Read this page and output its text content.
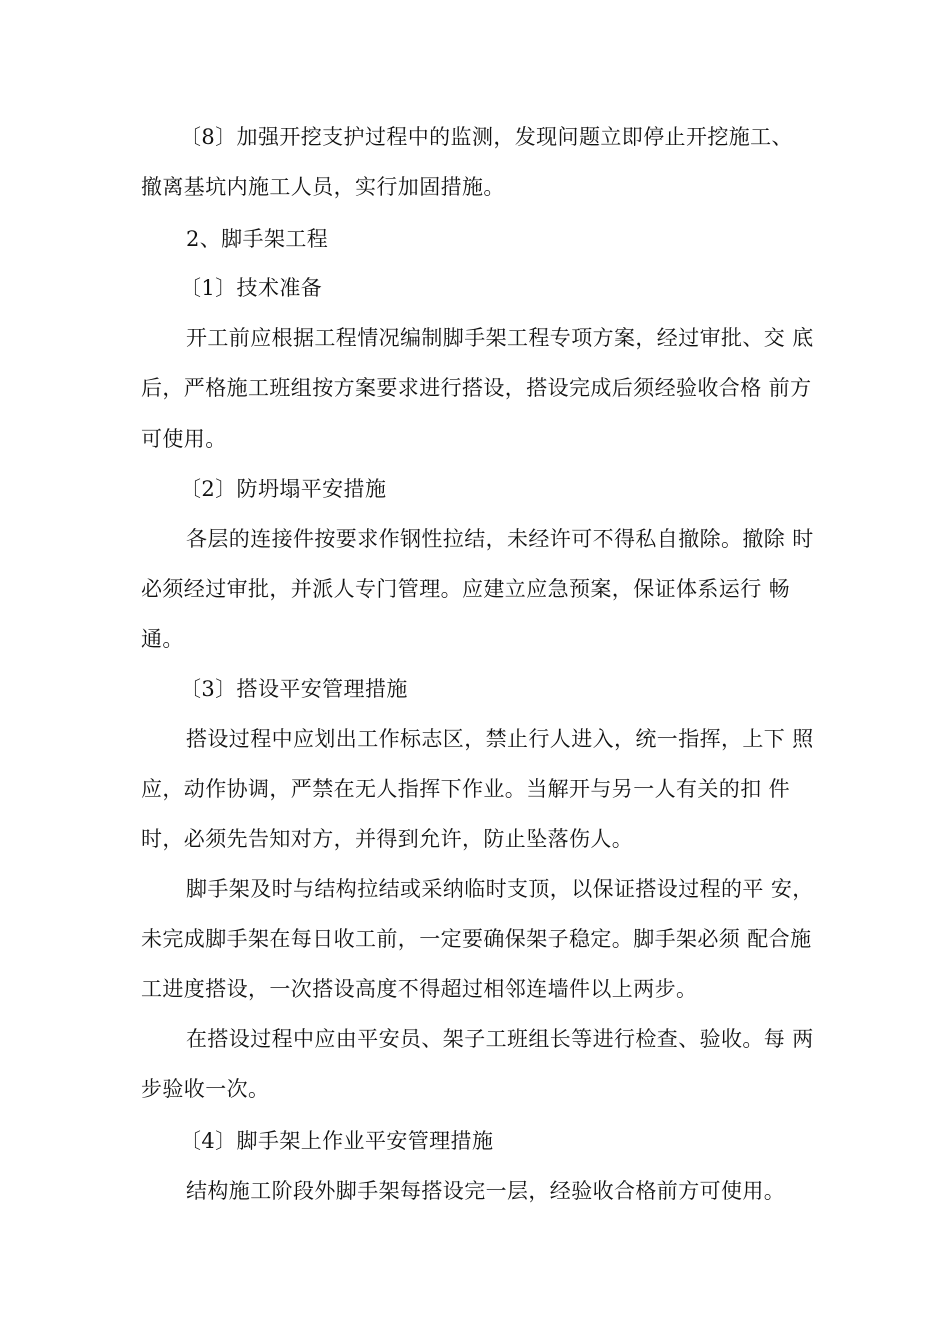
〔8〕加强开挖支护过程中的监测，发现问题立即停止开挖施工、
撤离基坑内施工人员，实行加固措施。
2、脚手架工程
〔1〕技术准备
开工前应根据工程情况编制脚手架工程专项方案，经过审批、交 底
后，严格施工班组按方案要求进行搭设，搭设完成后须经验收合格 前方
可使用。
〔2〕防坍塌平安措施
各层的连接件按要求作钢性拉结，未经许可不得私自撤除。撤除 时
必须经过审批，并派人专门管理。应建立应急预案，保证体系运行 畅
通。
〔3〕搭设平安管理措施
搭设过程中应划出工作标志区，禁止行人进入，统一指挥，上下 照
应，动作协调，严禁在无人指挥下作业。当解开与另一人有关的扣 件
时，必须先告知对方，并得到允许，防止坠落伤人。
脚手架及时与结构拉结或采纳临时支顶，以保证搭设过程的平 安，
未完成脚手架在每日收工前，一定要确保架子稳定。脚手架必须 配合施
工进度搭设，一次搭设高度不得超过相邻连墙件以上两步。
在搭设过程中应由平安员、架子工班组长等进行检查、验收。每 两
步验收一次。
〔4〕脚手架上作业平安管理措施
结构施工阶段外脚手架每搭设完一层，经验收合格前方可使用。
